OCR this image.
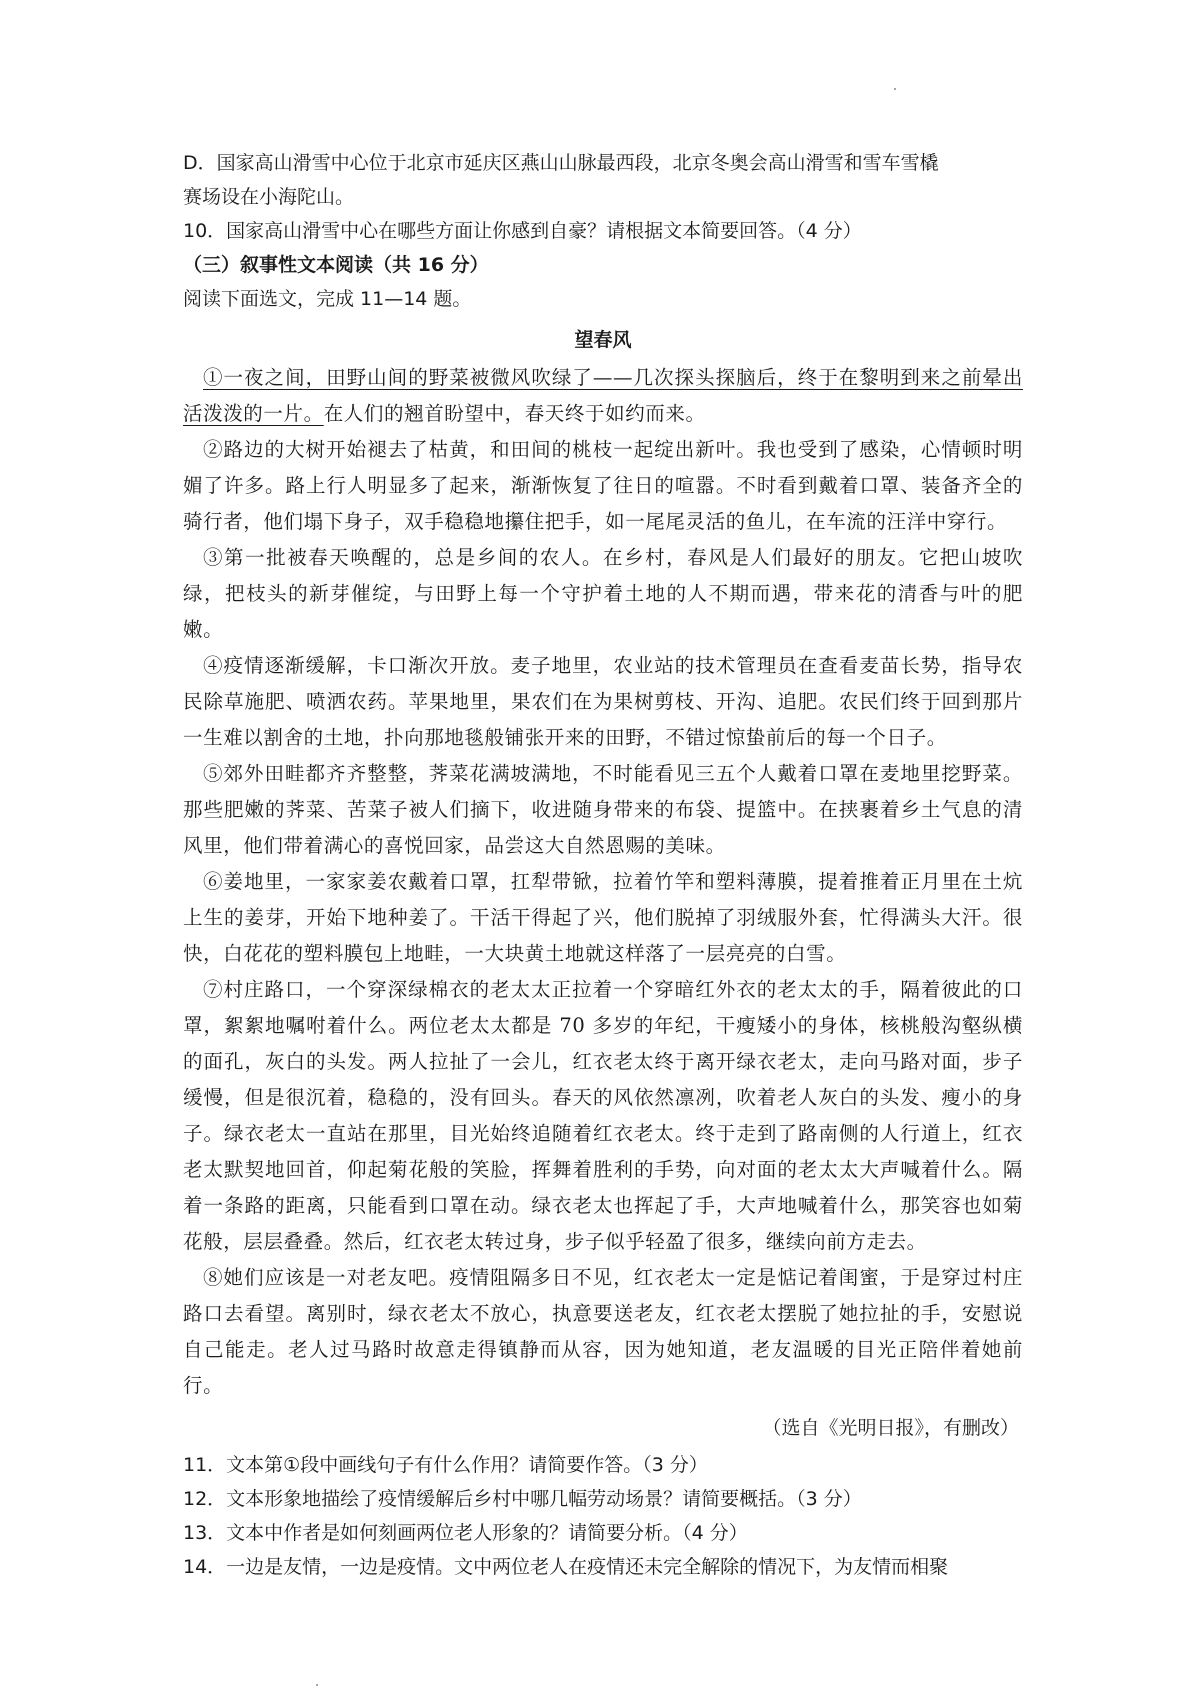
D．国家高山滑雪中心位于北京市延庆区燕山山脉最西段，北京冬奥会高山滑雪和雪车雪橇

赛场设在小海陀山。

10．国家高山滑雪中心在哪些方面让你感到自豪？请根据文本简要回答。（4 分）

（三）叙事性文本阅读（共 16 分）

阅读下面选文，完成 11—14 题。

望春风

①一夜之间，田野山间的野菜被微风吹绿了——几次探头探脑后，终于在黎明到来之前晕出活泼泼的一片。在人们的翘首盼望中，春天终于如约而来。

②路边的大树开始褪去了枯黄，和田间的桃枝一起绽出新叶。我也受到了感染，心情顿时明媚了许多。路上行人明显多了起来，渐渐恢复了往日的喧嚣。不时看到戴着口罩、装备齐全的骑行者，他们塌下身子，双手稳稳地攥住把手，如一尾尾灵活的鱼儿，在车流的汪洋中穿行。

③第一批被春天唤醒的，总是乡间的农人。在乡村，春风是人们最好的朋友。它把山坡吹绿，把枝头的新芽催绽，与田野上每一个守护着土地的人不期而遇，带来花的清香与叶的肥嫩。

④疫情逐渐缓解，卡口渐次开放。麦子地里，农业站的技术管理员在查看麦苗长势，指导农民除草施肥、喷洒农药。苹果地里，果农们在为果树剪枝、开沟、追肥。农民们终于回到那片一生难以割舍的土地，扑向那地毯般铺张开来的田野，不错过惊蛰前后的每一个日子。

⑤郊外田畦都齐齐整整，荠菜花满坡满地，不时能看见三五个人戴着口罩在麦地里挖野菜。那些肥嫩的荠菜、苦菜子被人们摘下，收进随身带来的布袋、提篮中。在挟裹着乡土气息的清风里，他们带着满心的喜悦回家，品尝这大自然恩赐的美味。

⑥姜地里，一家家姜农戴着口罩，扛犁带锨，拉着竹竿和塑料薄膜，提着推着正月里在土炕上生的姜芽，开始下地种姜了。干活干得起了兴，他们脱掉了羽绒服外套，忙得满头大汗。很快，白花花的塑料膜包上地畦，一大块黄土地就这样落了一层亮亮的白雪。

⑦村庄路口，一个穿深绿棉衣的老太太正拉着一个穿暗红外衣的老太太的手，隔着彼此的口罩，絮絮地嘱咐着什么。两位老太太都是 70 多岁的年纪，干瘦矮小的身体，核桃般沟壑纵横的面孔，灰白的头发。两人拉扯了一会儿，红衣老太终于离开绿衣老太，走向马路对面，步子缓慢，但是很沉着，稳稳的，没有回头。春天的风依然凛冽，吹着老人灰白的头发、瘦小的身子。绿衣老太一直站在那里，目光始终追随着红衣老太。终于走到了路南侧的人行道上，红衣老太默契地回首，仰起菊花般的笑脸，挥舞着胜利的手势，向对面的老太太大声喊着什么。隔着一条路的距离，只能看到口罩在动。绿衣老太也挥起了手，大声地喊着什么，那笑容也如菊花般，层层叠叠。然后，红衣老太转过身，步子似乎轻盈了很多，继续向前方走去。

⑧她们应该是一对老友吧。疫情阻隔多日不见，红衣老太一定是惦记着闺蜜，于是穿过村庄路口去看望。离别时，绿衣老太不放心，执意要送老友，红衣老太摆脱了她拉扯的手，安慰说自己能走。老人过马路时故意走得镇静而从容，因为她知道，老友温暖的目光正陪伴着她前行。

（选自《光明日报》，有删改）

11．文本第①段中画线句子有什么作用？请简要作答。（3 分）

12．文本形象地描绘了疫情缓解后乡村中哪几幅劳动场景？请简要概括。（3 分）

13．文本中作者是如何刻画两位老人形象的？请简要分析。（4 分）

14．一边是友情，一边是疫情。文中两位老人在疫情还未完全解除的情况下，为友情而相聚
